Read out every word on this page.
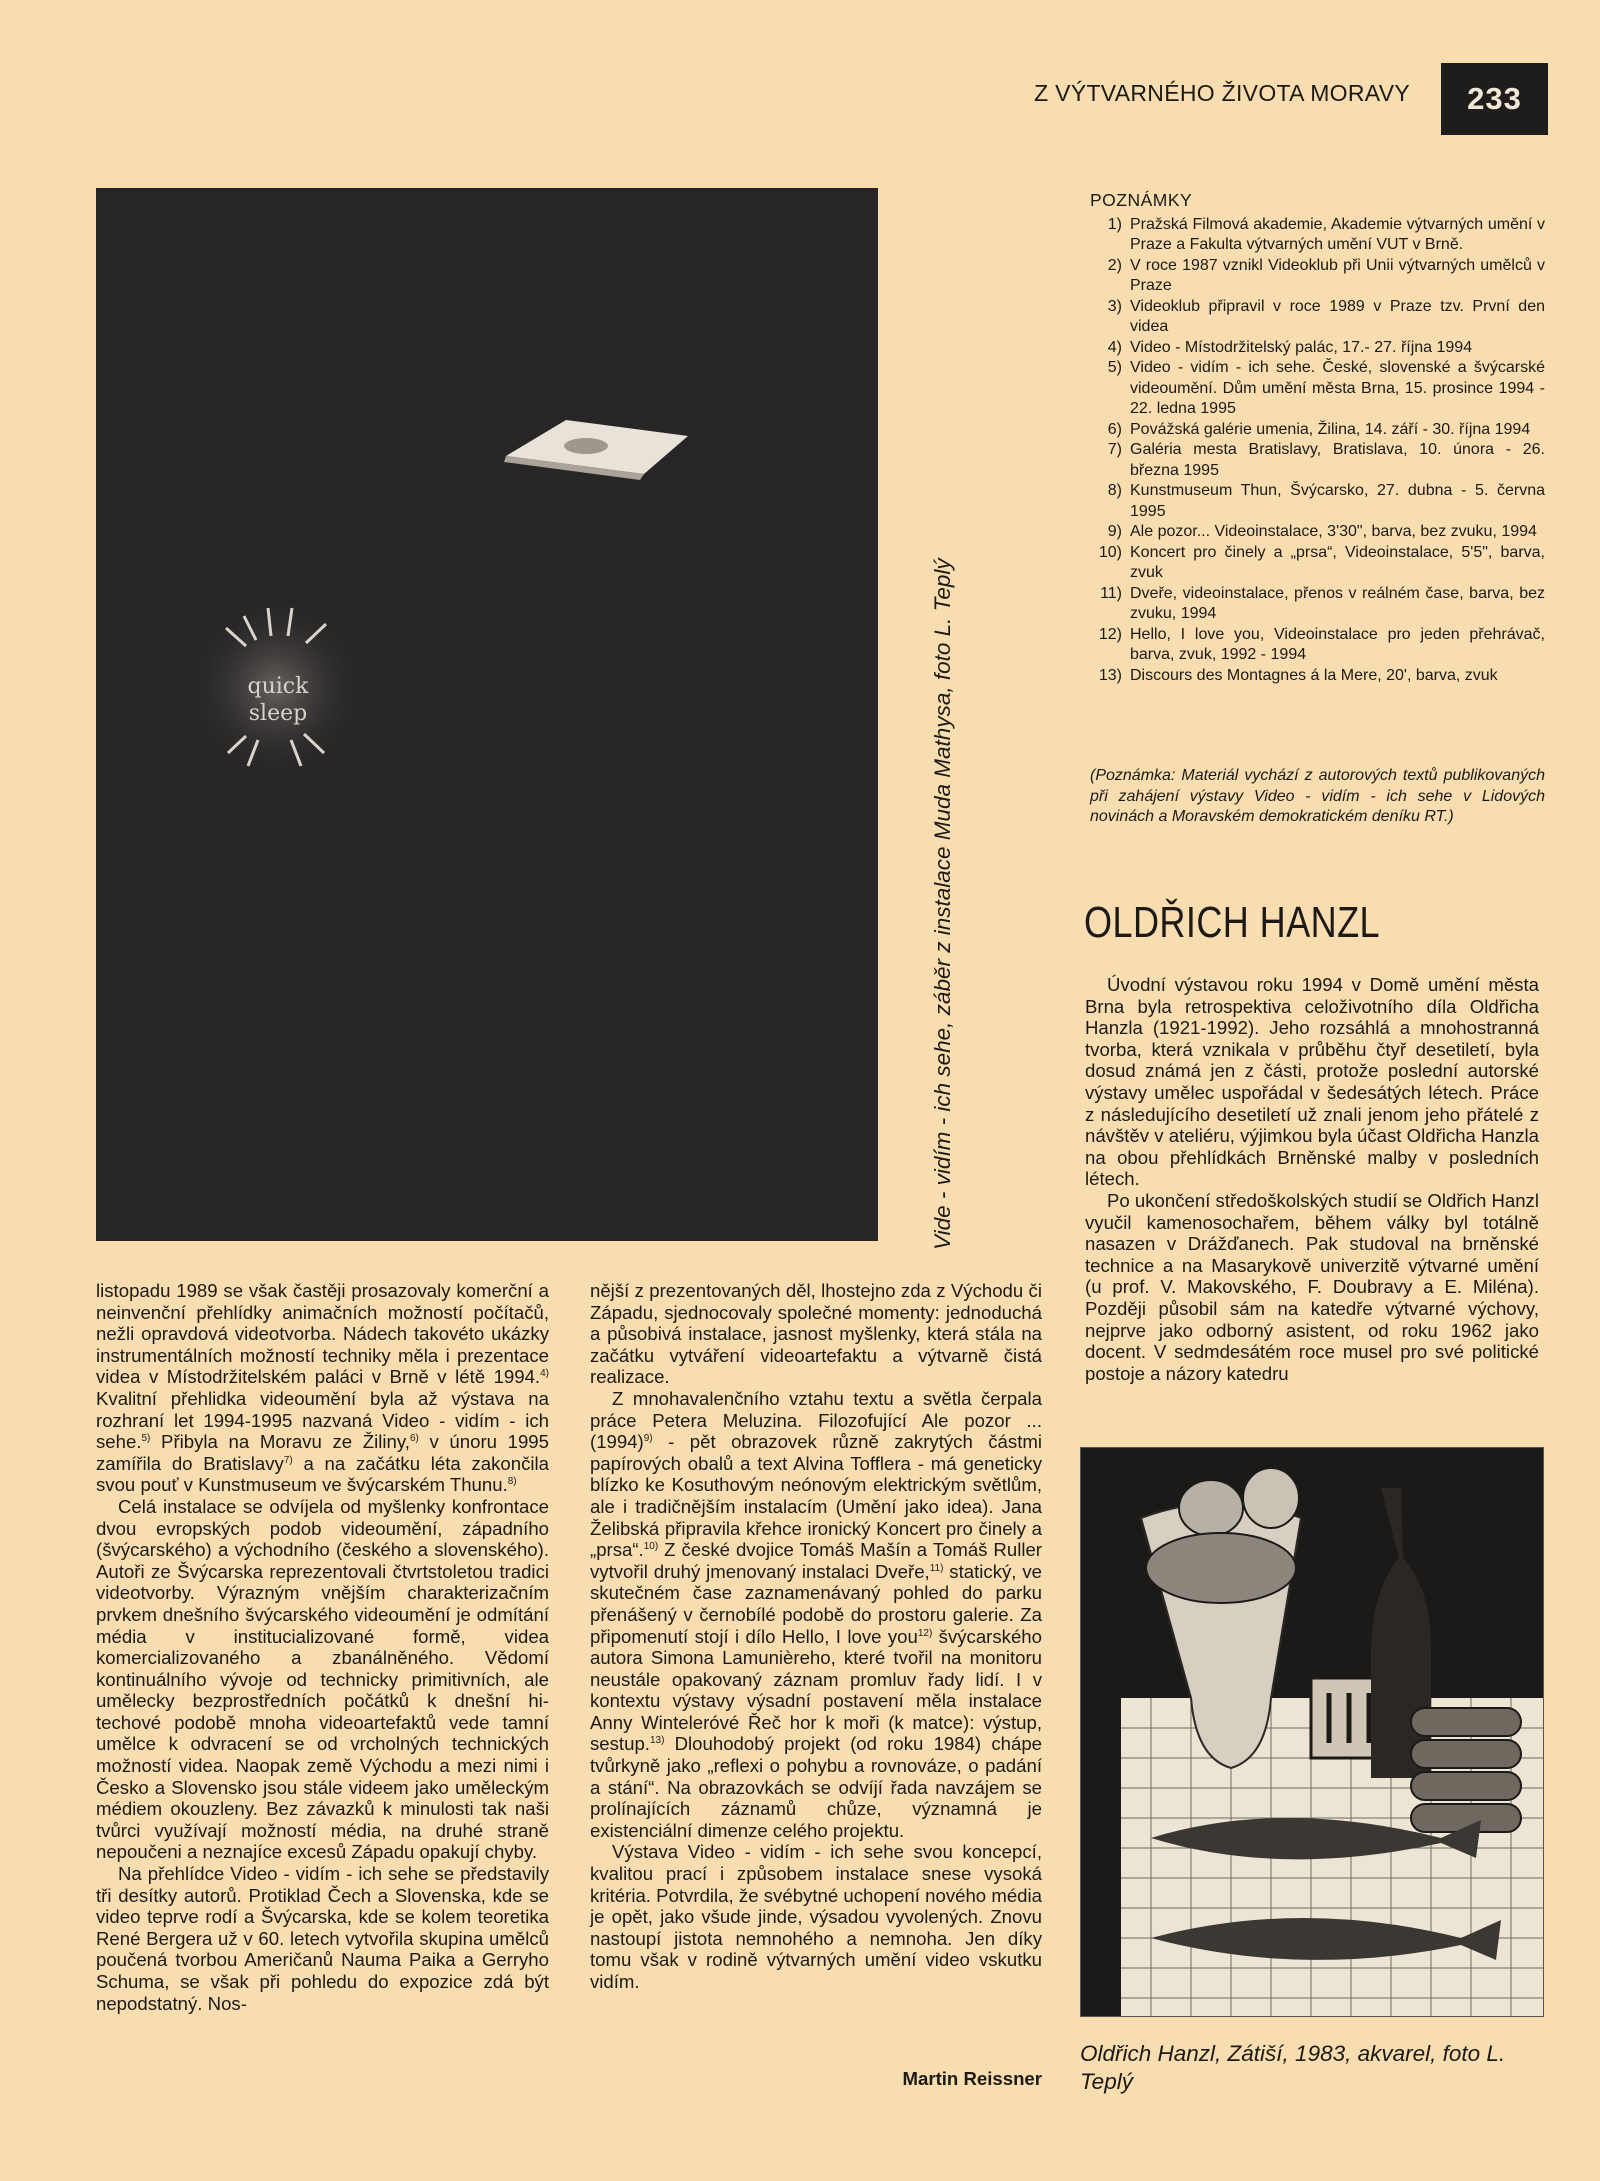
Z VÝTVARNÉHO ŽIVOTA MORAVY	233
quick
sleep	Vide - vidím - ich sehe, záběr z instalace Muda Mathysa, foto L. Teplý
POZNÁMKY
1) Pražská Filmová akademie, Akademie výtvarných umění v Praze a Fakulta výtvarných umění VUT v Brně.
2) V roce 1987 vznikl Videoklub při Unii výtvarných umělců v Praze
3) Videoklub připravil v roce 1989 v Praze tzv. První den videa
4) Video - Místodržitelský palác, 17.- 27. října 1994
5) Video - vidím - ich sehe. České, slovenské a švýcarské videoumění. Dům umění města Brna, 15. prosince 1994 - 22. ledna 1995
6) Povážská galérie umenia, Žilina, 14. září - 30. října 1994
7) Galéria mesta Bratislavy, Bratislava, 10. února - 26. března 1995
8) Kunstmuseum Thun, Švýcarsko, 27. dubna - 5. června 1995
9) Ale pozor... Videoinstalace, 3'30", barva, bez zvuku, 1994
10) Koncert pro činely a „prsa“, Videoinstalace, 5'5", barva, zvuk
11) Dveře, videoinstalace, přenos v reálném čase, barva, bez zvuku, 1994
12) Hello, I love you, Videoinstalace pro jeden přehrávač, barva, zvuk, 1992 - 1994
13) Discours des Montagnes á la Mere, 20', barva, zvuk
(Poznámka: Materiál vychází z autorových textů publikovaných při zahájení výstavy Video - vidím - ich sehe v Lidových novinách a Moravském demokratickém deníku RT.)
OLDŘICH HANZL

Úvodní výstavou roku 1994 v Domě umění města Brna byla retrospektiva celoživotního díla Oldřicha Hanzla (1921-1992). Jeho rozsáhlá a mnohostranná tvorba, která vznikala v průběhu čtyř desetiletí, byla dosud známá jen z části, protože poslední autorské výstavy umělec uspořádal v šedesátých létech. Práce z následujícího desetiletí už znali jenom jeho přátelé z návštěv v ateliéru, výjimkou byla účast Oldřicha Hanzla na obou přehlídkách Brněnské malby v posledních létech.

Po ukončení středoškolských studií se Oldřich Hanzl vyučil kamenosochařem, během války byl totálně nasazen v Drážďanech. Pak studoval na brněnské technice a na Masarykově univerzitě výtvarné umění (u prof. V. Makovského, F. Doubravy a E. Miléna). Později působil sám na katedře výtvarné výchovy, nejprve jako odborný asistent, od roku 1962 jako docent. V sedmdesátém roce musel pro své politické postoje a názory katedru

listopadu 1989 se však častěji prosazovaly komerční a neinvenční přehlídky animačních možností počítačů, nežli opravdová videotvorba. Nádech takovéto ukázky instrumentálních možností techniky měla i prezentace videa v Místodržitelském paláci v Brně v létě 1994.$^{4)}$ Kvalitní přehlidka videoumění byla až výstava na rozhraní let 1994-1995 nazvaná Video - vidím - ich sehe.$^{5)}$ Přibyla na Moravu ze Žiliny,$^{6)}$ v únoru 1995 zamířila do Bratislavy$^{7)}$ a na začátku léta zakončila svou pouť v Kunstmuseum ve švýcarském Thunu.$^{8)}$

Celá instalace se odvíjela od myšlenky konfrontace dvou evropských podob videoumění, západního (švýcarského) a východního (českého a slovenského). Autoři ze Švýcarska reprezentovali čtvrtstoletou tradici videotvorby. Výrazným vnějším charakterizačním prvkem dnešního švýcarského videoumění je odmítání média v institucializované formě, videa komercializovaného a zbanálněného. Vědomí kontinuálního vývoje od technicky primitivních, ale umělecky bezprostředních počátků k dnešní hi-techové podobě mnoha videoartefaktů vede tamní umělce k odvracení se od vrcholných technických možností videa. Naopak země Východu a mezi nimi i Česko a Slovensko jsou stále videem jako uměleckým médiem okouzleny. Bez závazků k minulosti tak naši tvůrci využívají možností média, na druhé straně nepoučeni a neznajíce excesů Západu opakují chyby.

Na přehlídce Video - vidím - ich sehe se představily tři desítky autorů. Protiklad Čech a Slovenska, kde se video teprve rodí a Švýcarska, kde se kolem teoretika René Bergera už v 60. letech vytvořila skupina umělců poučená tvorbou Američanů Nauma Paika a Gerryho Schuma, se však při pohledu do expozice zdá být nepodstatný. Nos-

nější z prezentovaných děl, lhostejno zda z Východu či Západu, sjednocovaly společné momenty: jednoduchá a působivá instalace, jasnost myšlenky, která stála na začátku vytváření videoartefaktu a výtvarně čistá realizace.

Z mnohavalenčního vztahu textu a světla čerpala práce Petera Meluzina. Filozofující Ale pozor ... $(1994)^{9)}$ - pět obrazovek různě zakrytých částmi papírových obalů a text Alvina Tofflera - má geneticky blízko ke Kosuthovým neónovým elektrickým světlům, ale i tradičnějším instalacím (Umění jako idea). Jana Želibská připravila křehce ironický Koncert pro činely a „prsa“.$^{10)}$ Z české dvojice Tomáš Mašín a Tomáš Ruller vytvořil druhý jmenovaný instalaci Dveře,$^{11)}$ statický, ve skutečném čase zaznamenávaný pohled do parku přenášený v černobílé podobě do prostoru galerie. Za připomenutí stojí i dílo Hello, I love you$^{12)}$ švýcarského autora Simona Lamunièreho, které tvořil na monitoru neustále opakovaný záznam promluv řady lidí. I v kontextu výstavy výsadní postavení měla instalace Anny Winteleróvé Řeč hor k moři (k matce): výstup, sestup.$^{13)}$ Dlouhodobý projekt (od roku 1984) chápe tvůrkyně jako „reflexi o pohybu a rovnováze, o padání a stání“. Na obrazovkách se odvíjí řada navzájem se prolínajících záznamů chůze, významná je existenciální dimenze celého projektu.

Výstava Video - vidím - ich sehe svou koncepcí, kvalitou prací i způsobem instalace snese vysoká kritéria. Potvrdila, že svébytné uchopení nového média je opět, jako všude jinde, výsadou vyvolených. Znovu nastoupí jistota nemnohého a nemnoha. Jen díky tomu však v rodině výtvarných umění video vskutku vidím.

Martin Reissner
Oldřich Hanzl, Zátiší, 1983, akvarel, foto L. Teplý
